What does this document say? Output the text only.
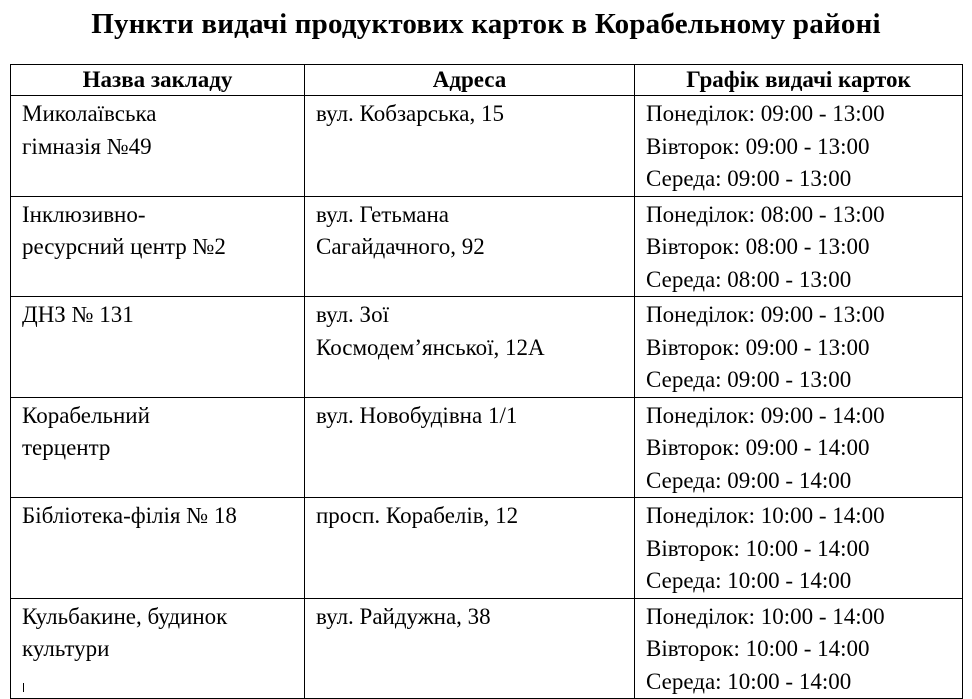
Пункти видачі продуктових карток в Корабельному районі
Назва закладу	Адреса	Графік видачі карток

Миколаївська
гімназія №49	вул. Кобзарська, 15	Понеділок: 09:00 - 13:00
Вівторок: 09:00 - 13:00
Середа: 09:00 - 13:00

Інклюзивно-
ресурсний центр №2	вул. Гетьмана
Сагайдачного, 92	Понеділок: 08:00 - 13:00
Вівторок: 08:00 - 13:00
Середа: 08:00 - 13:00

ДНЗ № 131	вул. Зої
Космодем’янської, 12А	Понеділок: 09:00 - 13:00
Вівторок: 09:00 - 13:00
Середа: 09:00 - 13:00

Корабельний
терцентр	вул. Новобудівна 1/1	Понеділок: 09:00 - 14:00
Вівторок: 09:00 - 14:00
Середа: 09:00 - 14:00

Бібліотека-філія № 18	просп. Корабелів, 12	Понеділок: 10:00 - 14:00
Вівторок: 10:00 - 14:00
Середа: 10:00 - 14:00

Кульбакине, будинок
культури	вул. Райдужна, 38	Понеділок: 10:00 - 14:00
Вівторок: 10:00 - 14:00
Середа: 10:00 - 14:00
